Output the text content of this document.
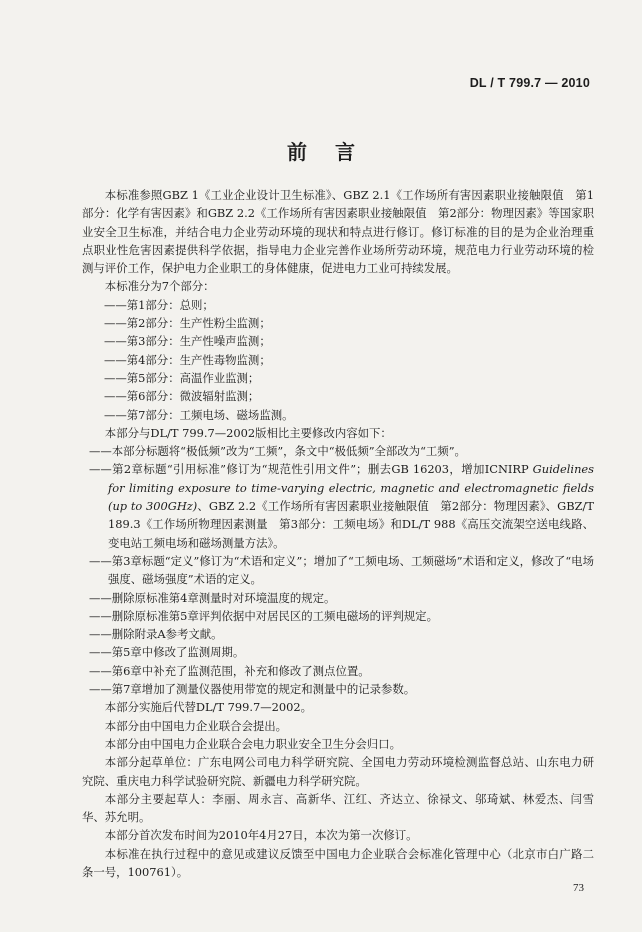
DL / T 799.7 — 2010
前言

本标准参照GBZ 1《工业企业设计卫生标准》、GBZ 2.1《工作场所有害因素职业接触限值　第1部分：化学有害因素》和GBZ 2.2《工作场所有害因素职业接触限值　第2部分：物理因素》等国家职业安全卫生标准，并结合电力企业劳动环境的现状和特点进行修订。修订标准的目的是为企业治理重点职业性危害因素提供科学依据，指导电力企业完善作业场所劳动环境，规范电力行业劳动环境的检测与评价工作，保护电力企业职工的身体健康，促进电力工业可持续发展。

本标准分为7个部分：

——第1部分：总则；

——第2部分：生产性粉尘监测；

——第3部分：生产性噪声监测；

——第4部分：生产性毒物监测；

——第5部分：高温作业监测；

——第6部分：微波辐射监测；

——第7部分：工频电场、磁场监测。

本部分与DL/T 799.7—2002版相比主要修改内容如下：

——本部分标题将“极低频”改为“工频”，条文中“极低频”全部改为“工频”。

——第2章标题“引用标准”修订为“规范性引用文件”；删去GB 16203，增加ICNIRP Guidelines for limiting exposure to time-varying electric, magnetic and electromagnetic fields (up to 300GHz)、GBZ 2.2《工作场所有害因素职业接触限值　第2部分：物理因素》、GBZ/T 189.3《工作场所物理因素测量　第3部分：工频电场》和DL/T 988《高压交流架空送电线路、变电站工频电场和磁场测量方法》。

——第3章标题“定义”修订为“术语和定义”；增加了“工频电场、工频磁场”术语和定义，修改了“电场强度、磁场强度”术语的定义。

——删除原标准第4章测量时对环境温度的规定。

——删除原标准第5章评判依据中对居民区的工频电磁场的评判规定。

——删除附录A参考文献。

——第5章中修改了监测周期。

——第6章中补充了监测范围，补充和修改了测点位置。

——第7章增加了测量仪器使用带宽的规定和测量中的记录参数。

本部分实施后代替DL/T 799.7—2002。

本部分由中国电力企业联合会提出。

本部分由中国电力企业联合会电力职业安全卫生分会归口。

本部分起草单位：广东电网公司电力科学研究院、全国电力劳动环境检测监督总站、山东电力研究院、重庆电力科学试验研究院、新疆电力科学研究院。

本部分主要起草人：李丽、周永言、高新华、江红、齐达立、徐禄文、邬琦斌、林爱杰、闫雪华、苏允明。

本部分首次发布时间为2010年4月27日，本次为第一次修订。

本标准在执行过程中的意见或建议反馈至中国电力企业联合会标准化管理中心（北京市白广路二条一号，100761）。

73
